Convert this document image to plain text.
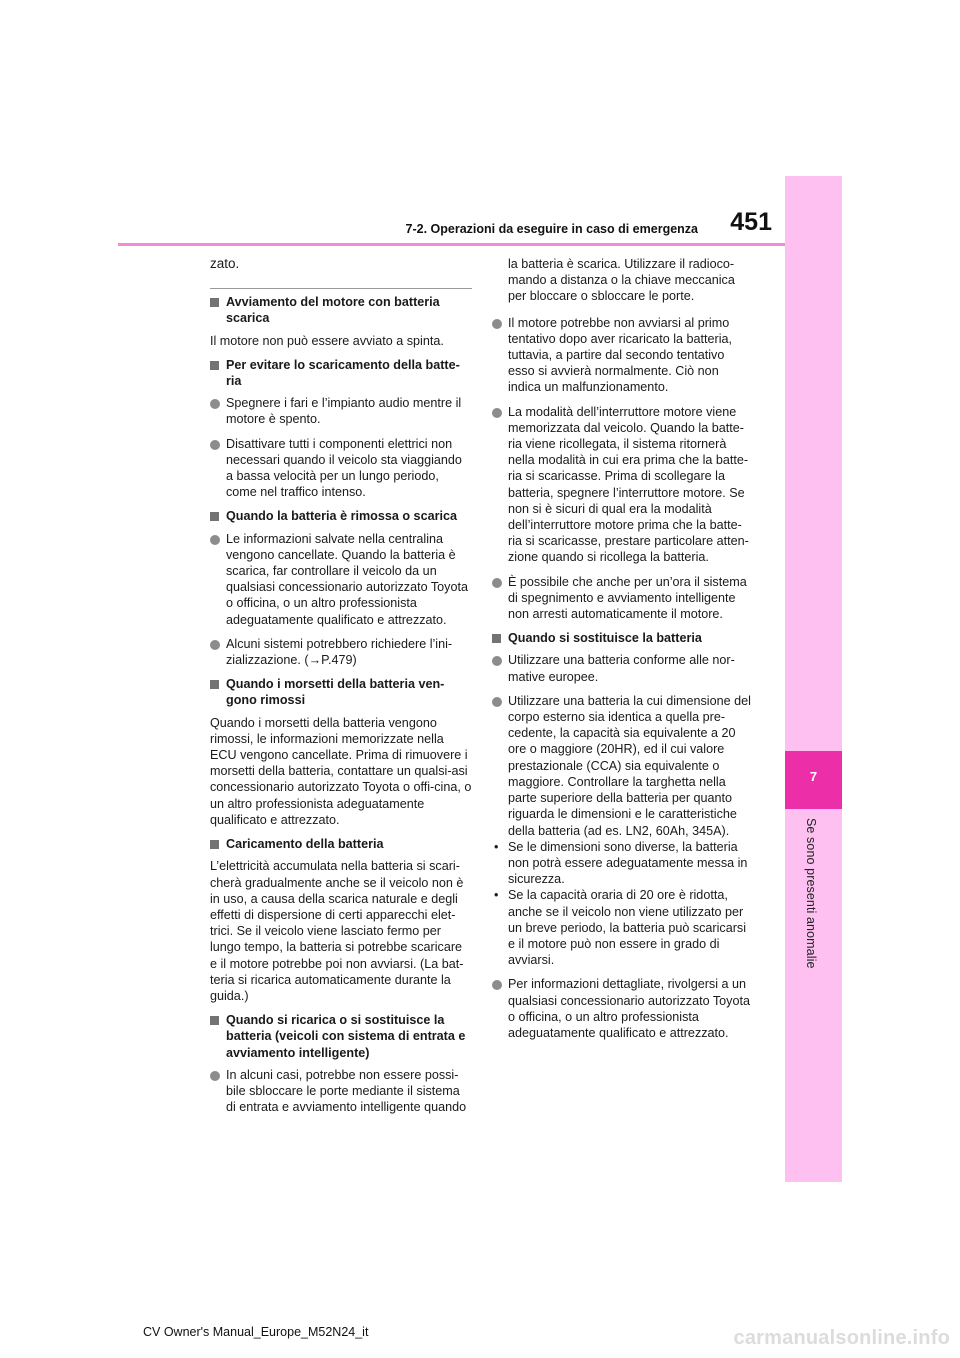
7
Se sono presenti anomalie
7-2. Operazioni da eseguire in caso di emergenza	451
zato.
Avviamento del motore con batteria scarica
Il motore non può essere avviato a spinta.
Per evitare lo scaricamento della batte-ria
Spegnere i fari e l’impianto audio mentre il motore è spento.
Disattivare tutti i componenti elettrici non necessari quando il veicolo sta viaggiando a bassa velocità per un lungo periodo, come nel traffico intenso.
Quando la batteria è rimossa o scarica
Le informazioni salvate nella centralina vengono cancellate. Quando la batteria è scarica, far controllare il veicolo da un qualsiasi concessionario autorizzato Toyota o officina, o un altro professionista adeguatamente qualificato e attrezzato.
Alcuni sistemi potrebbero richiedere l’ini-zializzazione. (→P.479)
Quando i morsetti della batteria ven-gono rimossi
Quando i morsetti della batteria vengono rimossi, le informazioni memorizzate nella ECU vengono cancellate. Prima di rimuovere i morsetti della batteria, contattare un qualsi-asi concessionario autorizzato Toyota o offi-cina, o un altro professionista adeguatamente qualificato e attrezzato.
Caricamento della batteria
L’elettricità accumulata nella batteria si scari-cherà gradualmente anche se il veicolo non è in uso, a causa della scarica naturale e degli effetti di dispersione di certi apparecchi elet-trici. Se il veicolo viene lasciato fermo per lungo tempo, la batteria si potrebbe scaricare e il motore potrebbe poi non avviarsi. (La bat-teria si ricarica automaticamente durante la guida.)
Quando si ricarica o si sostituisce la batteria (veicoli con sistema di entrata e avviamento intelligente)
In alcuni casi, potrebbe non essere possi-bile sbloccare le porte mediante il sistema di entrata e avviamento intelligente quando
la batteria è scarica. Utilizzare il radioco-mando a distanza o la chiave meccanica per bloccare o sbloccare le porte.
Il motore potrebbe non avviarsi al primo tentativo dopo aver ricaricato la batteria, tuttavia, a partire dal secondo tentativo esso si avvierà normalmente. Ciò non indica un malfunzionamento.
La modalità dell’interruttore motore viene memorizzata dal veicolo. Quando la batte-ria viene ricollegata, il sistema ritornerà nella modalità in cui era prima che la batte-ria si scaricasse. Prima di scollegare la batteria, spegnere l’interruttore motore. Se non si è sicuri di qual era la modalità dell’interruttore motore prima che la batte-ria si scaricasse, prestare particolare atten-zione quando si ricollega la batteria.
È possibile che anche per un’ora il sistema di spegnimento e avviamento intelligente non arresti automaticamente il motore.
Quando si sostituisce la batteria
Utilizzare una batteria conforme alle nor-mative europee.
Utilizzare una batteria la cui dimensione del corpo esterno sia identica a quella pre-cedente, la capacità sia equivalente a 20 ore o maggiore (20HR), ed il cui valore prestazionale (CCA) sia equivalente o maggiore. Controllare la targhetta nella parte superiore della batteria per quanto riguarda le dimensioni e le caratteristiche della batteria (ad es. LN2, 60Ah, 345A).
• Se le dimensioni sono diverse, la batteria non potrà essere adeguatamente messa in sicurezza.
• Se la capacità oraria di 20 ore è ridotta, anche se il veicolo non viene utilizzato per un breve periodo, la batteria può scaricarsi e il motore può non essere in grado di avviarsi.
Per informazioni dettagliate, rivolgersi a un qualsiasi concessionario autorizzato Toyota o officina, o un altro professionista adeguatamente qualificato e attrezzato.
CV Owner's Manual_Europe_M52N24_it	carmanualsonline.info
